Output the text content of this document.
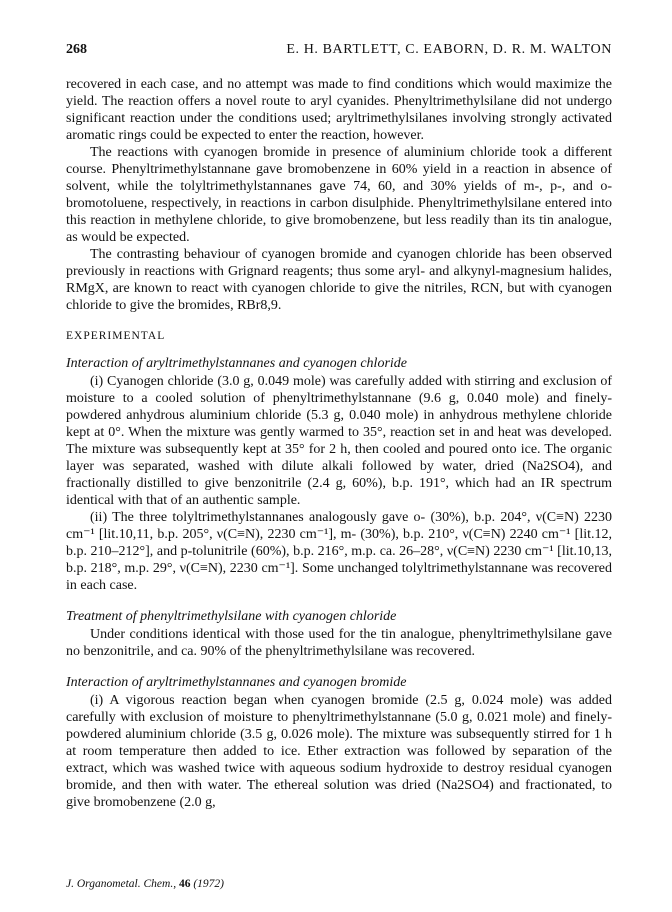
268	E. H. BARTLETT, C. EABORN, D. R. M. WALTON

recovered in each case, and no attempt was made to find conditions which would maximize the yield. The reaction offers a novel route to aryl cyanides. Phenyltrimethylsilane did not undergo significant reaction under the conditions used; aryltrimethylsilanes involving strongly activated aromatic rings could be expected to enter the reaction, however.

The reactions with cyanogen bromide in presence of aluminium chloride took a different course. Phenyltrimethylstannane gave bromobenzene in 60% yield in a reaction in absence of solvent, while the tolyltrimethylstannanes gave 74, 60, and 30% yields of m-, p-, and o-bromotoluene, respectively, in reactions in carbon disulphide. Phenyltrimethylsilane entered into this reaction in methylene chloride, to give bromobenzene, but less readily than its tin analogue, as would be expected.

The contrasting behaviour of cyanogen bromide and cyanogen chloride has been observed previously in reactions with Grignard reagents; thus some aryl- and alkynyl-magnesium halides, RMgX, are known to react with cyanogen chloride to give the nitriles, RCN, but with cyanogen chloride to give the bromides, RBr8,9.

EXPERIMENTAL

Interaction of aryltrimethylstannanes and cyanogen chloride

(i) Cyanogen chloride (3.0 g, 0.049 mole) was carefully added with stirring and exclusion of moisture to a cooled solution of phenyltrimethylstannane (9.6 g, 0.040 mole) and finely-powdered anhydrous aluminium chloride (5.3 g, 0.040 mole) in anhydrous methylene chloride kept at 0°. When the mixture was gently warmed to 35°, reaction set in and heat was developed. The mixture was subsequently kept at 35° for 2 h, then cooled and poured onto ice. The organic layer was separated, washed with dilute alkali followed by water, dried (Na2SO4), and fractionally distilled to give benzonitrile (2.4 g, 60%), b.p. 191°, which had an IR spectrum identical with that of an authentic sample.

(ii) The three tolyltrimethylstannanes analogously gave o- (30%), b.p. 204°, ν(C≡N) 2230 cm⁻¹ [lit.10,11, b.p. 205°, ν(C≡N), 2230 cm⁻¹], m- (30%), b.p. 210°, ν(C≡N) 2240 cm⁻¹ [lit.12, b.p. 210–212°], and p-tolunitrile (60%), b.p. 216°, m.p. ca. 26–28°, ν(C≡N) 2230 cm⁻¹ [lit.10,13, b.p. 218°, m.p. 29°, ν(C≡N), 2230 cm⁻¹]. Some unchanged tolyltrimethylstannane was recovered in each case.

Treatment of phenyltrimethylsilane with cyanogen chloride

Under conditions identical with those used for the tin analogue, phenyltrimethylsilane gave no benzonitrile, and ca. 90% of the phenyltrimethylsilane was recovered.

Interaction of aryltrimethylstannanes and cyanogen bromide

(i) A vigorous reaction began when cyanogen bromide (2.5 g, 0.024 mole) was added carefully with exclusion of moisture to phenyltrimethylstannane (5.0 g, 0.021 mole) and finely-powdered aluminium chloride (3.5 g, 0.026 mole). The mixture was subsequently stirred for 1 h at room temperature then added to ice. Ether extraction was followed by separation of the extract, which was washed twice with aqueous sodium hydroxide to destroy residual cyanogen bromide, and then with water. The ethereal solution was dried (Na2SO4) and fractionated, to give bromobenzene (2.0 g,

J. Organometal. Chem., 46 (1972)
